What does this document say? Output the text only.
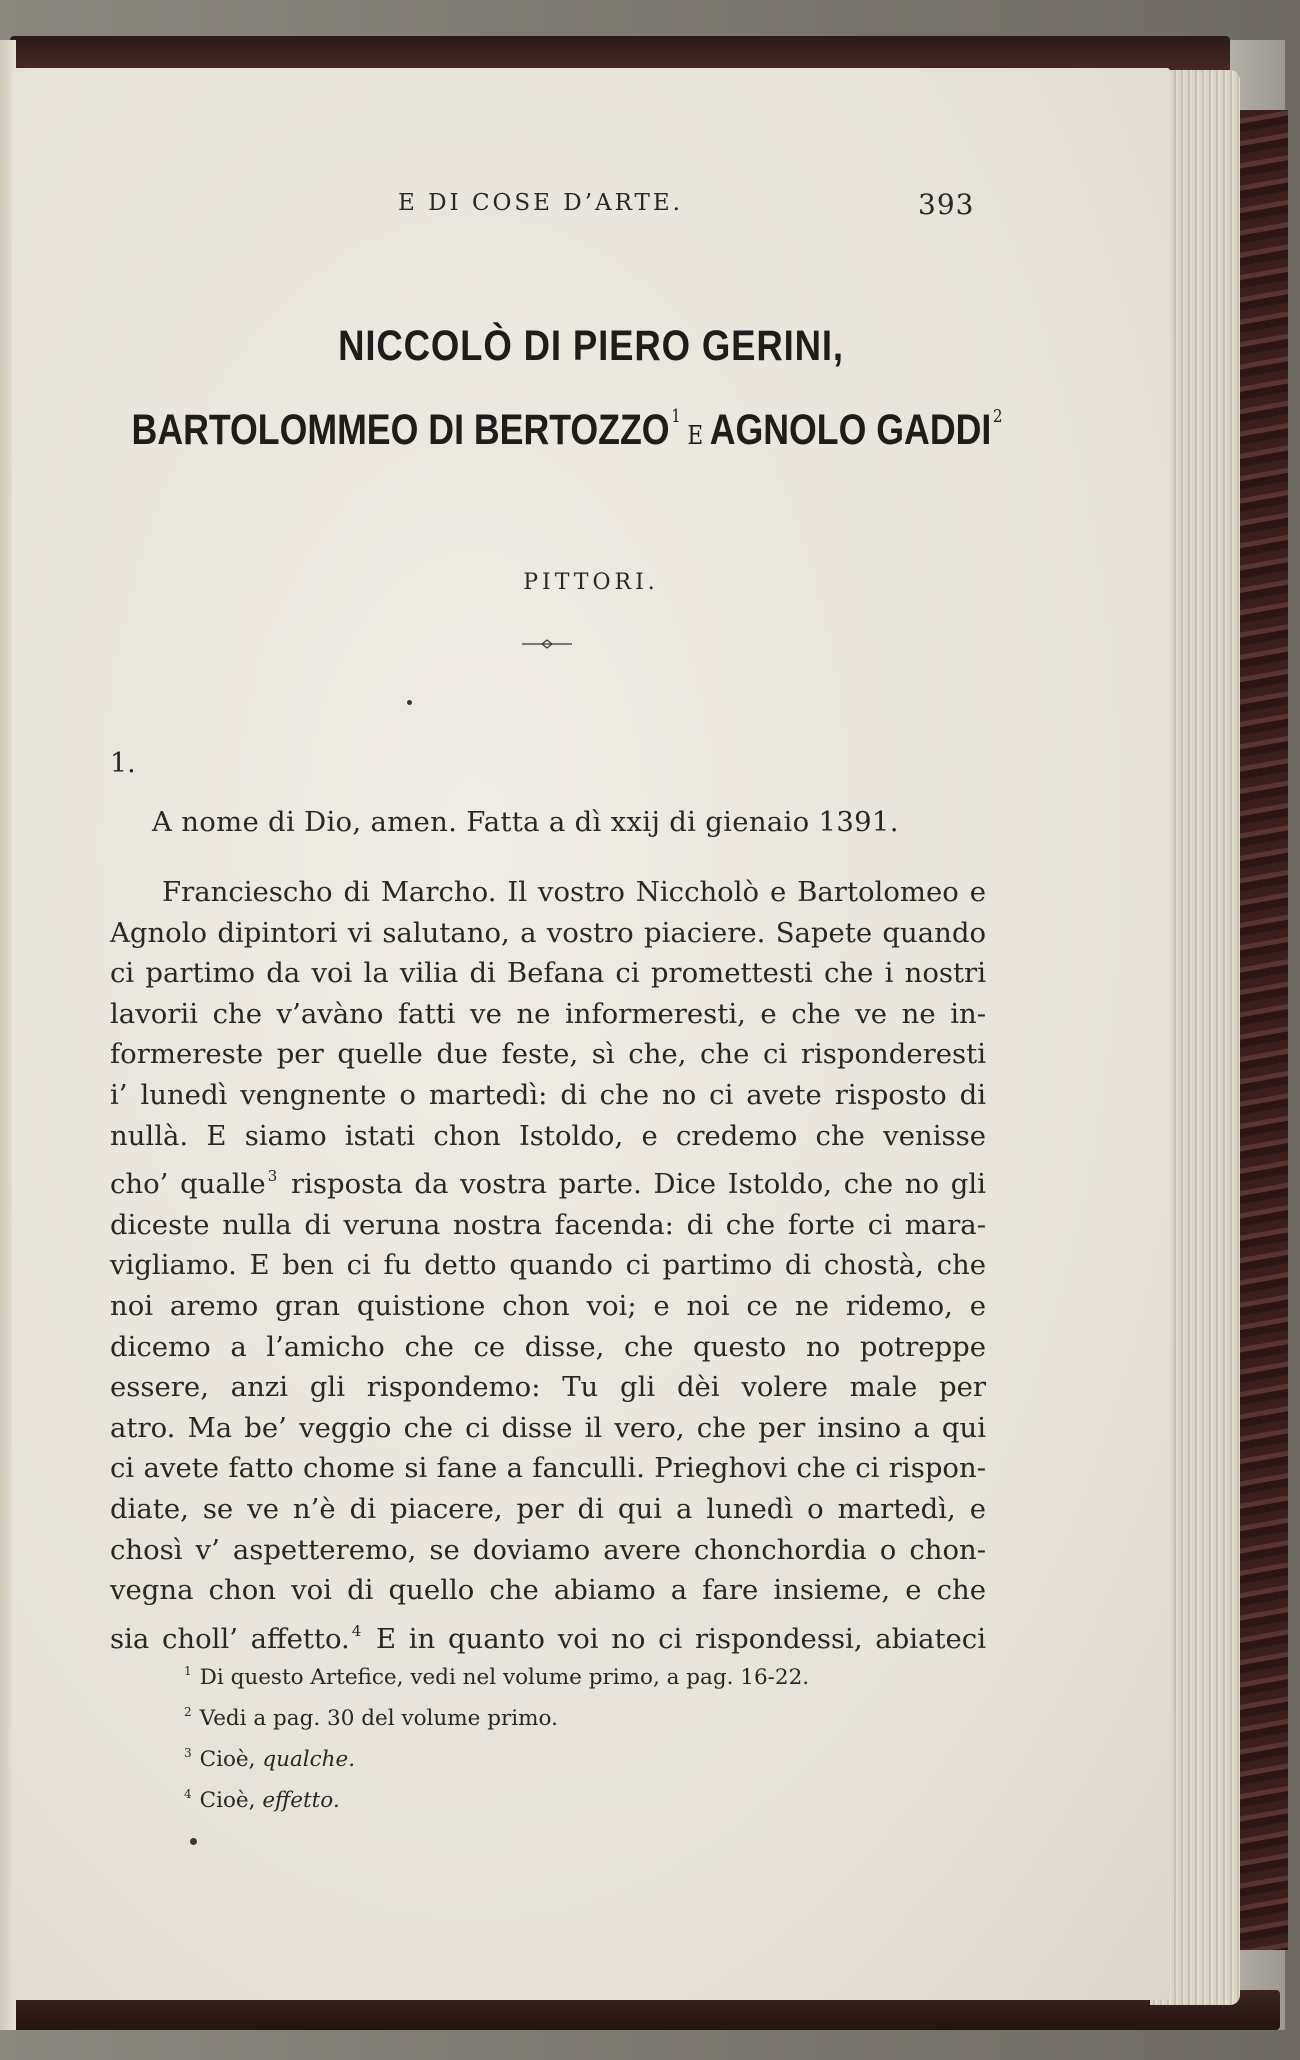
E DI COSE D’ARTE.	393
NICCOLÒ DI PIERO GERINI,
BARTOLOMMEO DI BERTOZZO$^1$E AGNOLO GADDI$^2$
PITTORI.
1.
A nome di Dio, amen. Fatta a dì xxij di gienaio 1391.
Franciescho di Marcho. Il vostro Niccholò e Bartolomeo e
Agnolo dipintori vi salutano, a vostro piaciere. Sapete quando
ci partimo da voi la vilia di Befana ci promettesti che i nostri
lavorii che v’avàno fatti ve ne informeresti, e che ve ne in-
formereste per quelle due feste, sì che, che ci risponderesti
i’ lunedì vengnente o martedì: di che no ci avete risposto di
nullà. E siamo istati chon Istoldo, e credemo che venisse
cho’ qualle $^3$ risposta da vostra parte. Dice Istoldo, che no gli
diceste nulla di veruna nostra facenda: di che forte ci mara-
vigliamo. E ben ci fu detto quando ci partimo di chostà, che
noi aremo gran quistione chon voi; e noi ce ne ridemo, e
dicemo a l’amicho che ce disse, che questo no potreppe
essere, anzi gli rispondemo: Tu gli dèi volere male per
atro. Ma be’ veggio che ci disse il vero, che per insino a qui
ci avete fatto chome si fane a fanculli. Prieghovi che ci rispon-
diate, se ve n’è di piacere, per di qui a lunedì o martedì, e
chosì v’ aspetteremo, se doviamo avere chonchordia o chon-
vegna chon voi di quello che abiamo a fare insieme, e che
sia choll’ affetto. $^4$ E in quanto voi no ci rispondessi, abiateci
$^1$ Di questo Artefice, vedi nel volume primo, a pag. 16-22.
$^2$ Vedi a pag. 30 del volume primo.
$^3$ Cioè, qualche.
$^4$ Cioè, effetto.
